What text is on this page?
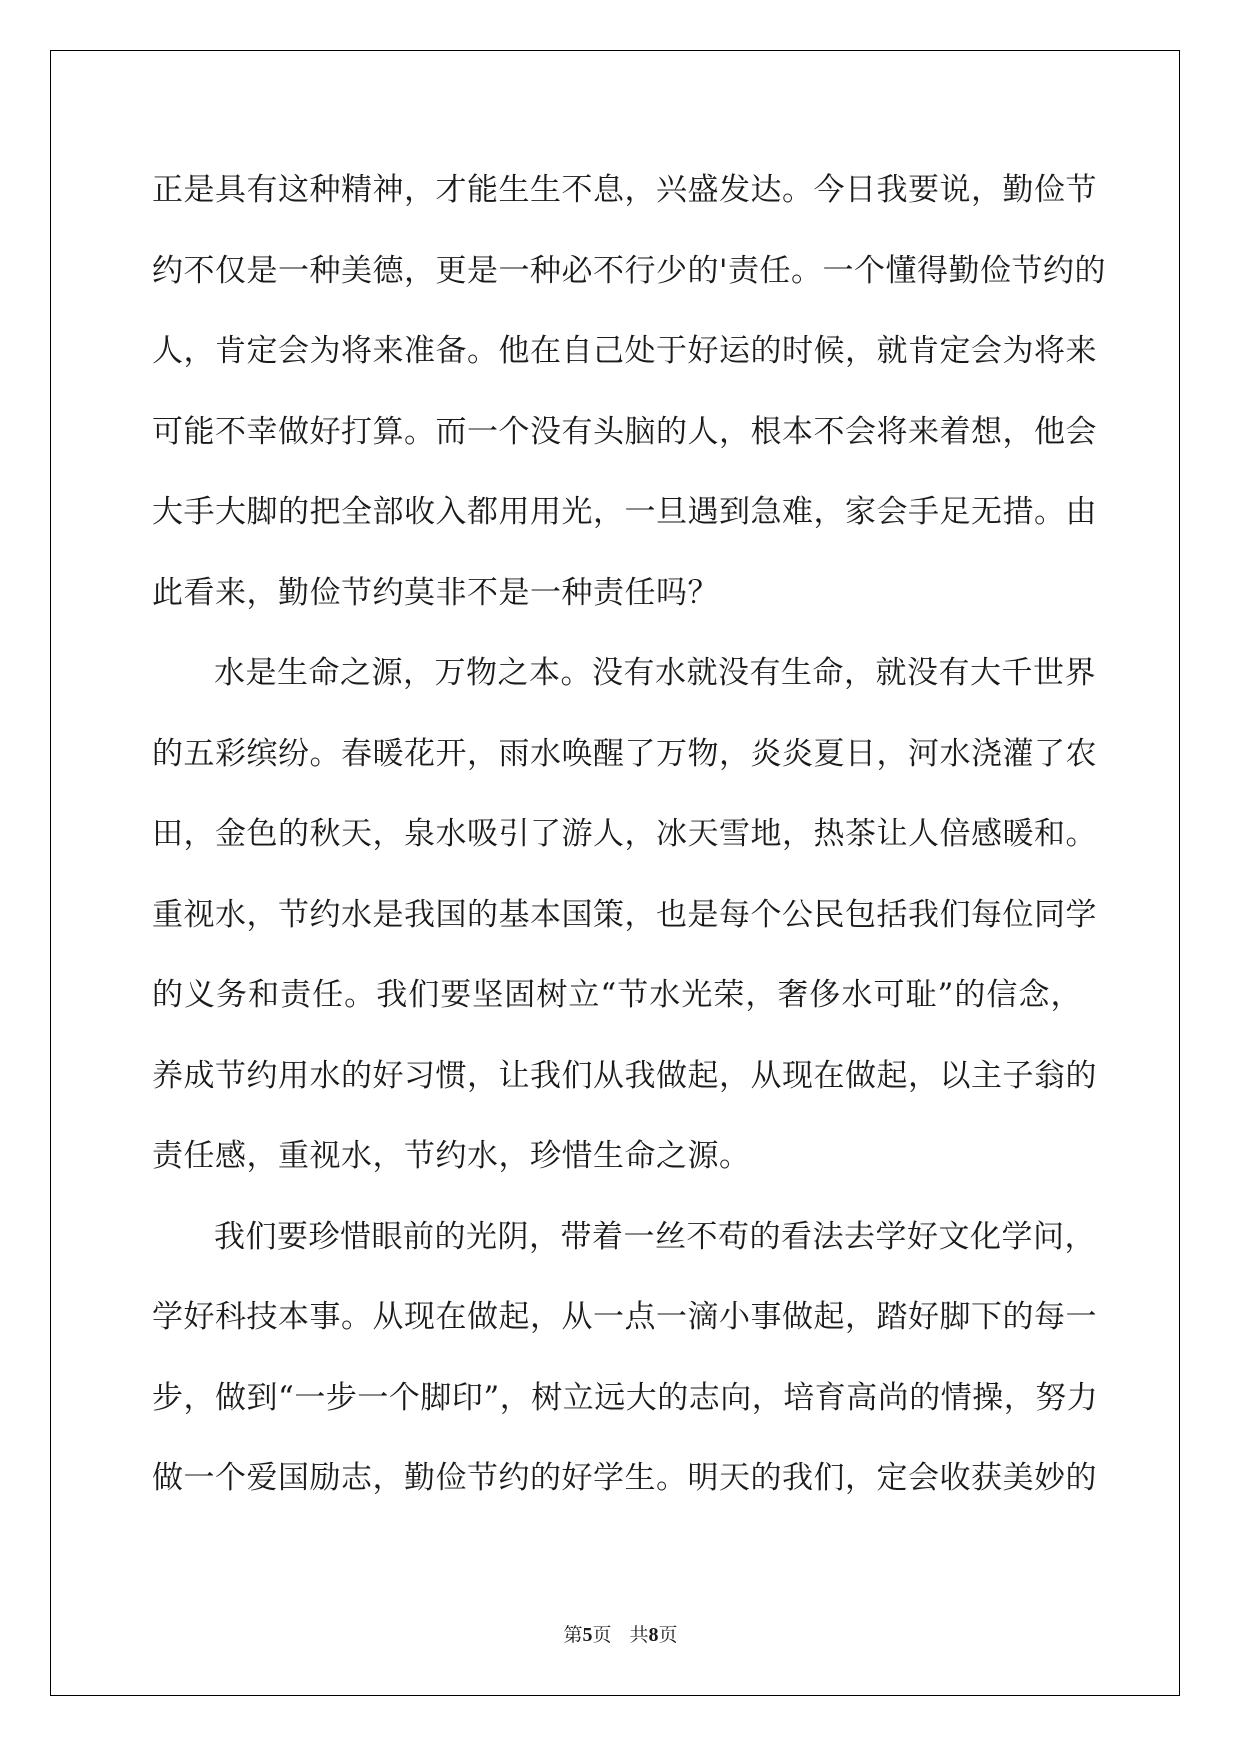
正是具有这种精神，才能生生不息，兴盛发达。今日我要说，勤俭节
约不仅是一种美德，更是一种必不行少的'责任。一个懂得勤俭节约的
人，肯定会为将来准备。他在自己处于好运的时候，就肯定会为将来
可能不幸做好打算。而一个没有头脑的人，根本不会将来着想，他会
大手大脚的把全部收入都用用光，一旦遇到急难，家会手足无措。由
此看来，勤俭节约莫非不是一种责任吗？
水是生命之源，万物之本。没有水就没有生命，就没有大千世界
的五彩缤纷。春暖花开，雨水唤醒了万物，炎炎夏日，河水浇灌了农
田，金色的秋天，泉水吸引了游人，冰天雪地，热茶让人倍感暖和。
重视水，节约水是我国的基本国策，也是每个公民包括我们每位同学
的义务和责任。我们要坚固树立“节水光荣，奢侈水可耻”的信念，
养成节约用水的好习惯，让我们从我做起，从现在做起，以主子翁的
责任感，重视水，节约水，珍惜生命之源。
我们要珍惜眼前的光阴，带着一丝不苟的看法去学好文化学问，
学好科技本事。从现在做起，从一点一滴小事做起，踏好脚下的每一
步，做到“一步一个脚印”，树立远大的志向，培育高尚的情操，努力
做一个爱国励志，勤俭节约的好学生。明天的我们，定会收获美妙的
第5页 共8页
